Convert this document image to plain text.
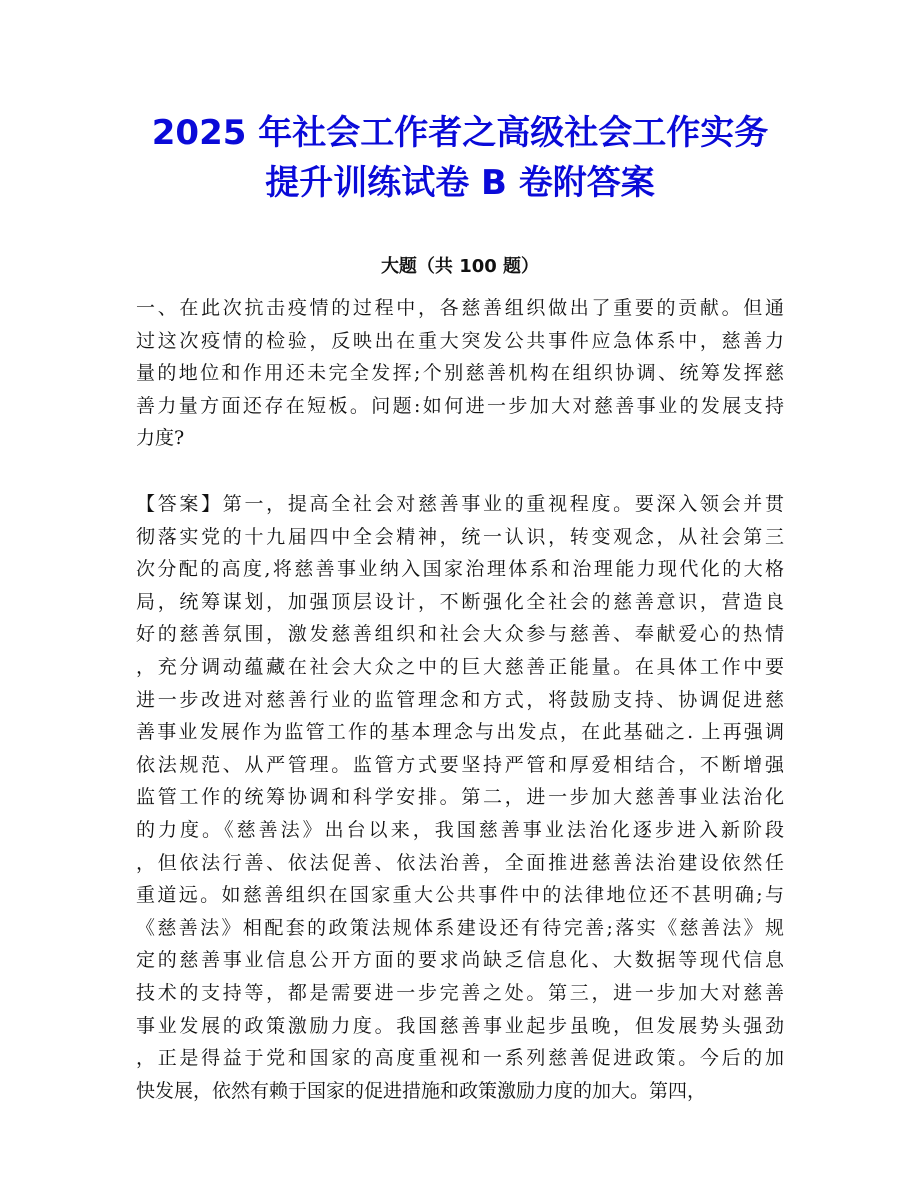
2025 年社会工作者之高级社会工作实务
提升训练试卷 B 卷附答案
大题（共 100 题）

一、在此次抗击疫情的过程中，各慈善组织做出了重要的贡献。但通
过这次疫情的检验，反映出在重大突发公共事件应急体系中，慈善力
量的地位和作用还未完全发挥;个别慈善机构在组织协调、统筹发挥慈
善力量方面还存在短板。问题:如何进一步加大对慈善事业的发展支持
力度?

【答案】第一，提高全社会对慈善事业的重视程度。要深入领会并贯
彻落实党的十九届四中全会精神，统一认识，转变观念，从社会第三
次分配的高度,将慈善事业纳入国家治理体系和治理能力现代化的大格
局，统筹谋划，加强顶层设计，不断强化全社会的慈善意识，营造良
好的慈善氛围，激发慈善组织和社会大众参与慈善、奉献爱心的热情
，充分调动蕴藏在社会大众之中的巨大慈善正能量。在具体工作中要
进一步改进对慈善行业的监管理念和方式，将鼓励支持、协调促进慈
善事业发展作为监管工作的基本理念与出发点，在此基础之. 上再强调
依法规范、从严管理。监管方式要坚持严管和厚爱相结合，不断增强
监管工作的统筹协调和科学安排。第二，进一步加大慈善事业法治化
的力度。《慈善法》出台以来，我国慈善事业法治化逐步进入新阶段
，但依法行善、依法促善、依法治善，全面推进慈善法治建设依然任
重道远。如慈善组织在国家重大公共事件中的法律地位还不甚明确;与
《慈善法》相配套的政策法规体系建设还有待完善;落实《慈善法》规
定的慈善事业信息公开方面的要求尚缺乏信息化、大数据等现代信息
技术的支持等，都是需要进一步完善之处。第三，进一步加大对慈善
事业发展的政策激励力度。我国慈善事业起步虽晚，但发展势头强劲
，正是得益于党和国家的高度重视和一系列慈善促进政策。今后的加
快发展，依然有赖于国家的促进措施和政策激励力度的加大。第四，
